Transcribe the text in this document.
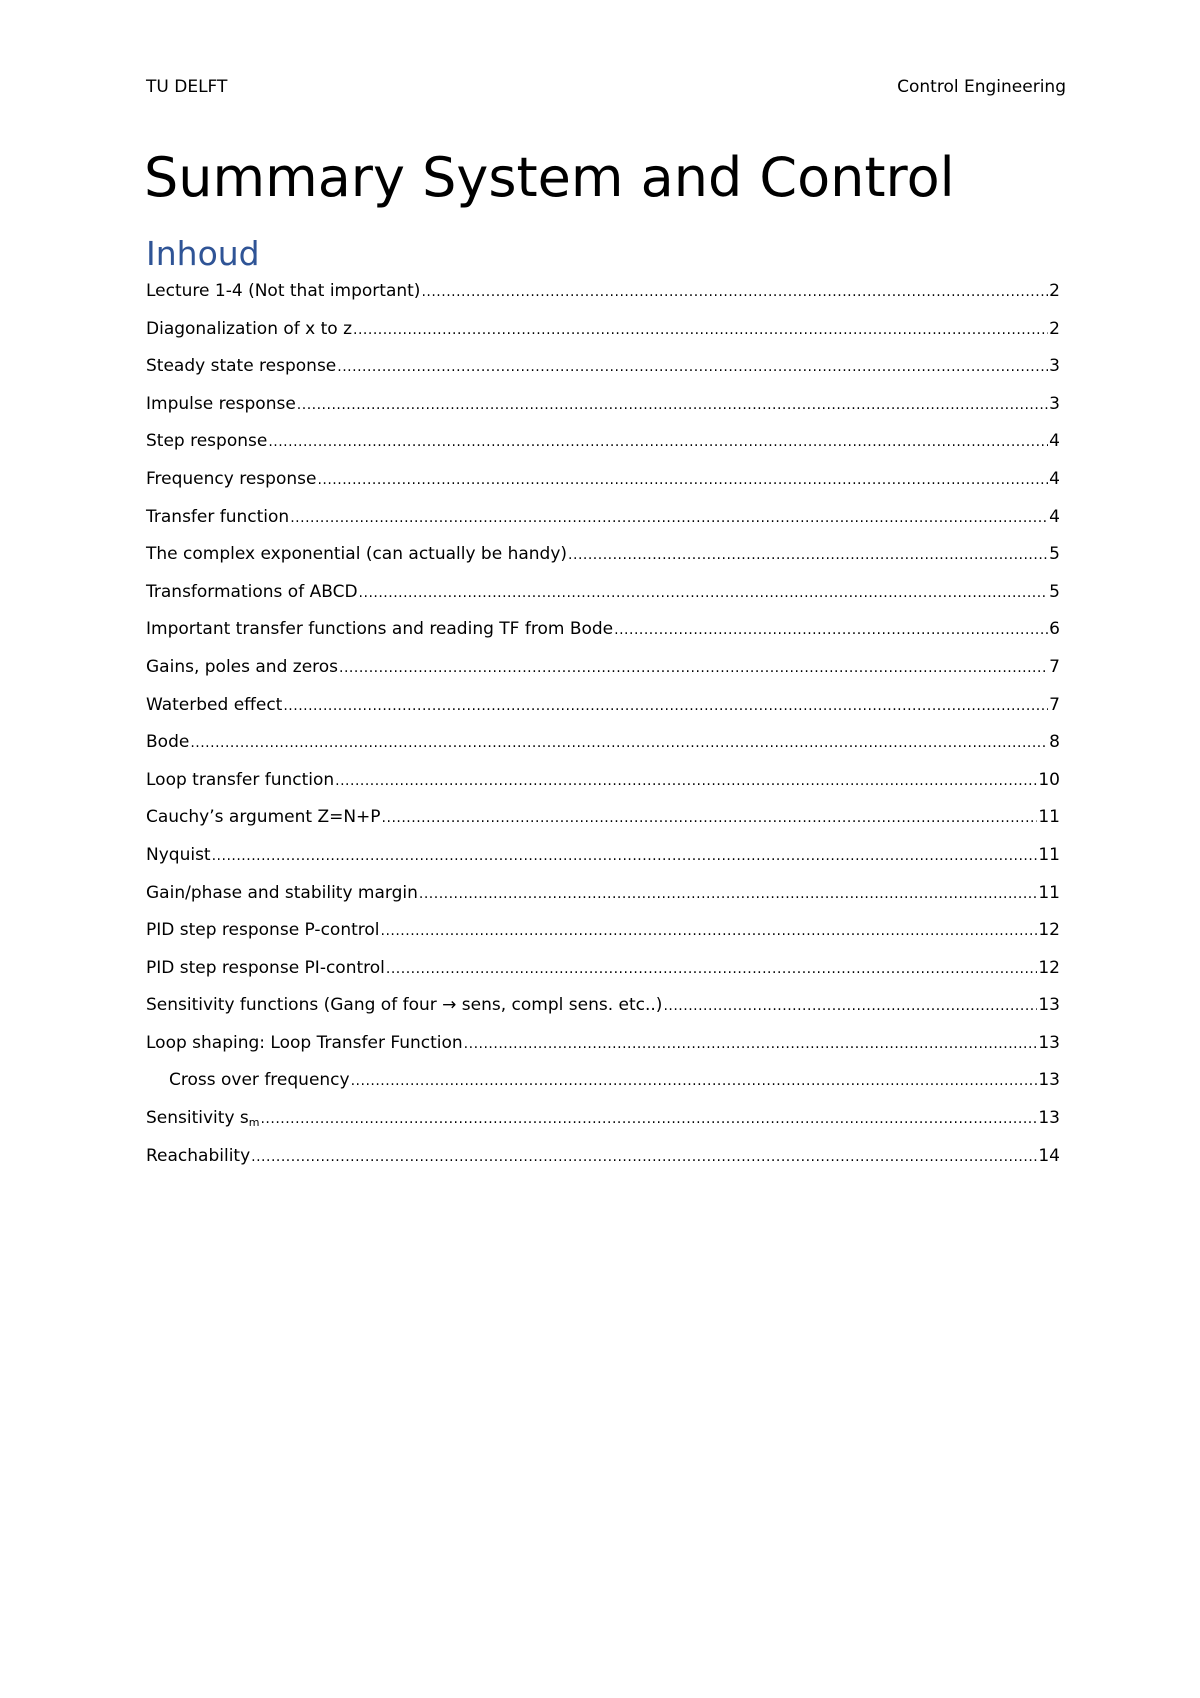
TU DELFT	Control Engineering
Summary System and Control
Inhoud
Lecture 1-4 (Not that important) .....	2
Diagonalization of x to z .....	2
Steady state response .....	3
Impulse response .....	3
Step response .....	4
Frequency response .....	4
Transfer function .....	4
The complex exponential (can actually be handy) .....	5
Transformations of ABCD .....	5
Important transfer functions and reading TF from Bode .....	6
Gains, poles and zeros .....	7
Waterbed effect .....	7
Bode .....	8
Loop transfer function .....	10
Cauchy’s argument Z=N+P .....	11
Nyquist .....	11
Gain/phase and stability margin .....	11
PID step response P-control .....	12
PID step response PI-control .....	12
Sensitivity functions (Gang of four → sens, compl sens. etc..) .....	13
Loop shaping: Loop Transfer Function .....	13
Cross over frequency .....	13
Sensitivity $s_m$ .....	13
Reachability .....	14
